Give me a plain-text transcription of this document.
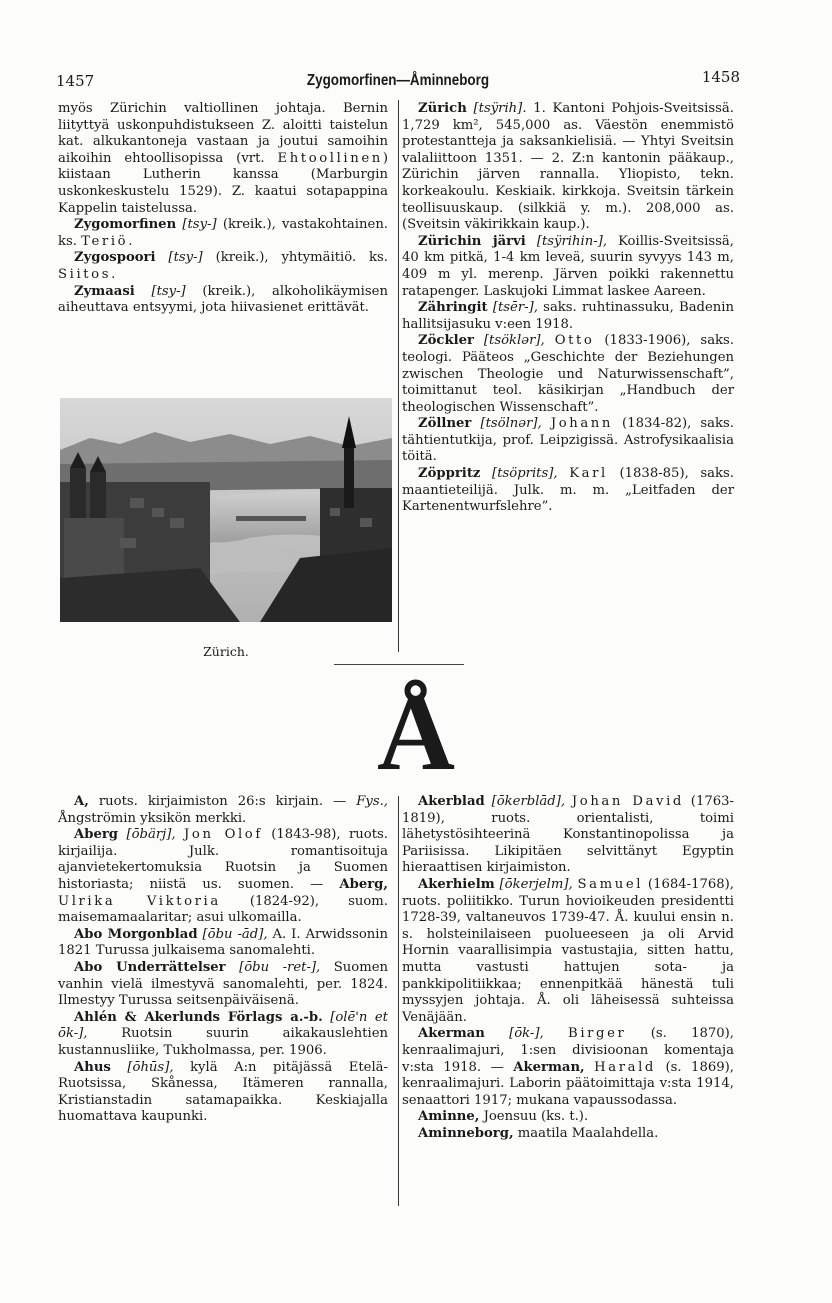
1457	Zygomorfinen—Åminneborg	1458

myös Zürichin valtiollinen johtaja. Bernin liityttyä uskonpuhdistukseen Z. aloitti taistelun kat. alkukantoneja vastaan ja joutui samoihin aikoihin ehtoollisopissa (vrt. Ehtoollinen) kiistaan Lutherin kanssa (Marburgin uskonkeskustelu 1529). Z. kaatui sotapappina Kappelin taistelussa.

Zygomorfinen [tsy-] (kreik.), vastakohtainen. ks. Teriö.

Zygospoori [tsy-] (kreik.), yhtymäitiö. ks. Siitos.

Zymaasi [tsy-] (kreik.), alkoholikäymisen aiheuttava entsyymi, jota hiivasienet erittävät.

Zürich.

Zürich [tsÿrih]. 1. Kantoni Pohjois-Sveitsissä. 1,729 km², 545,000 as. Väestön enemmistö protestantteja ja saksankielisiä. — Yhtyi Sveitsin valaliittoon 1351. — 2. Z:n kantonin pääkaup., Zürichin järven rannalla. Yliopisto, tekn. korkeakoulu. Keskiaik. kirkkoja. Sveitsin tärkein teollisuuskaup. (silkkiä y. m.). 208,000 as. (Sveitsin väkirikkain kaup.).

Zürichin järvi [tsÿrihin-], Koillis-Sveitsissä, 40 km pitkä, 1-4 km leveä, suurin syvyys 143 m, 409 m yl. merenp. Järven poikki rakennettu ratapenger. Laskujoki Limmat laskee Aareen.

Zähringit [tsēr-], saks. ruhtinassuku, Badenin hallitsijasuku v:een 1918.

Zöckler [tsöklər], Otto (1833-1906), saks. teologi. Pääteos „Geschichte der Beziehungen zwischen Theologie und Naturwissenschaft”, toimittanut teol. käsikirjan „Handbuch der theologischen Wissenschaft”.

Zöllner [tsölnər], Johann (1834-82), saks. tähtientutkija, prof. Leipzigissä. Astrofysikaalisia töitä.

Zöppritz [tsöprits], Karl (1838-85), saks. maantieteilijä. Julk. m. m. „Leitfaden der Kartenentwurfslehre”.

Å

A, ruots. kirjaimiston 26:s kirjain. — Fys., Ångströmin yksikön merkki.

Aberg [ōbärj], Jon Olof (1843-98), ruots. kirjailija. Julk. romantisoituja ajanvietekertomuksia Ruotsin ja Suomen historiasta; niistä us. suomen. — Aberg, Ulrika Viktoria (1824-92), suom. maisemamaalaritar; asui ulkomailla.

Abo Morgonblad [ōbu -ād], A. I. Arwidssonin 1821 Turussa julkaisema sanomalehti.

Abo Underrättelser [ōbu -ret-], Suomen vanhin vielä ilmestyvä sanomalehti, per. 1824. Ilmestyy Turussa seitsenpäiväisenä.

Ahlén & Akerlunds Förlags a.-b. [olē'n et ōk-],	Ruotsin suurin aikakauslehtien kustannusliike, Tukholmassa, per. 1906.

Ahus [ōhūs], kylä A:n pitäjässä Etelä-Ruotsissa, Skånessa, Itämeren rannalla, Kristianstadin satamapaikka. Keskiajalla huomattava kaupunki.

Akerblad [ōkerblād], Johan David (1763-1819), ruots. orientalisti, toimi lähetystösihteerinä Konstantinopolissa ja Pariisissa. Likipitäen selvittänyt Egyptin hieraattisen kirjaimiston.

Akerhielm [ōkerjelm], Samuel (1684-1768), ruots. poliitikko. Turun hovioikeuden presidentti 1728-39, valtaneuvos 1739-47. Å. kuului ensin n. s. holsteinilaiseen puolueeseen ja oli Arvid Hornin vaarallisimpia vastustajia, sitten hattu, mutta vastusti hattujen sota- ja pankkipolitiikkaa; ennenpitkää hänestä tuli myssyjen johtaja. Å. oli läheisessä suhteissa Venäjään.

Akerman [ōk-], Birger (s. 1870), kenraalimajuri, 1:sen divisioonan komentaja v:sta 1918. — Akerman, Harald (s. 1869), kenraalimajuri. Laborin päätoimittaja v:sta 1914, senaattori 1917; mukana vapaussodassa.

Aminne, Joensuu (ks. t.).

Aminneborg, maatila Maalahdella.
